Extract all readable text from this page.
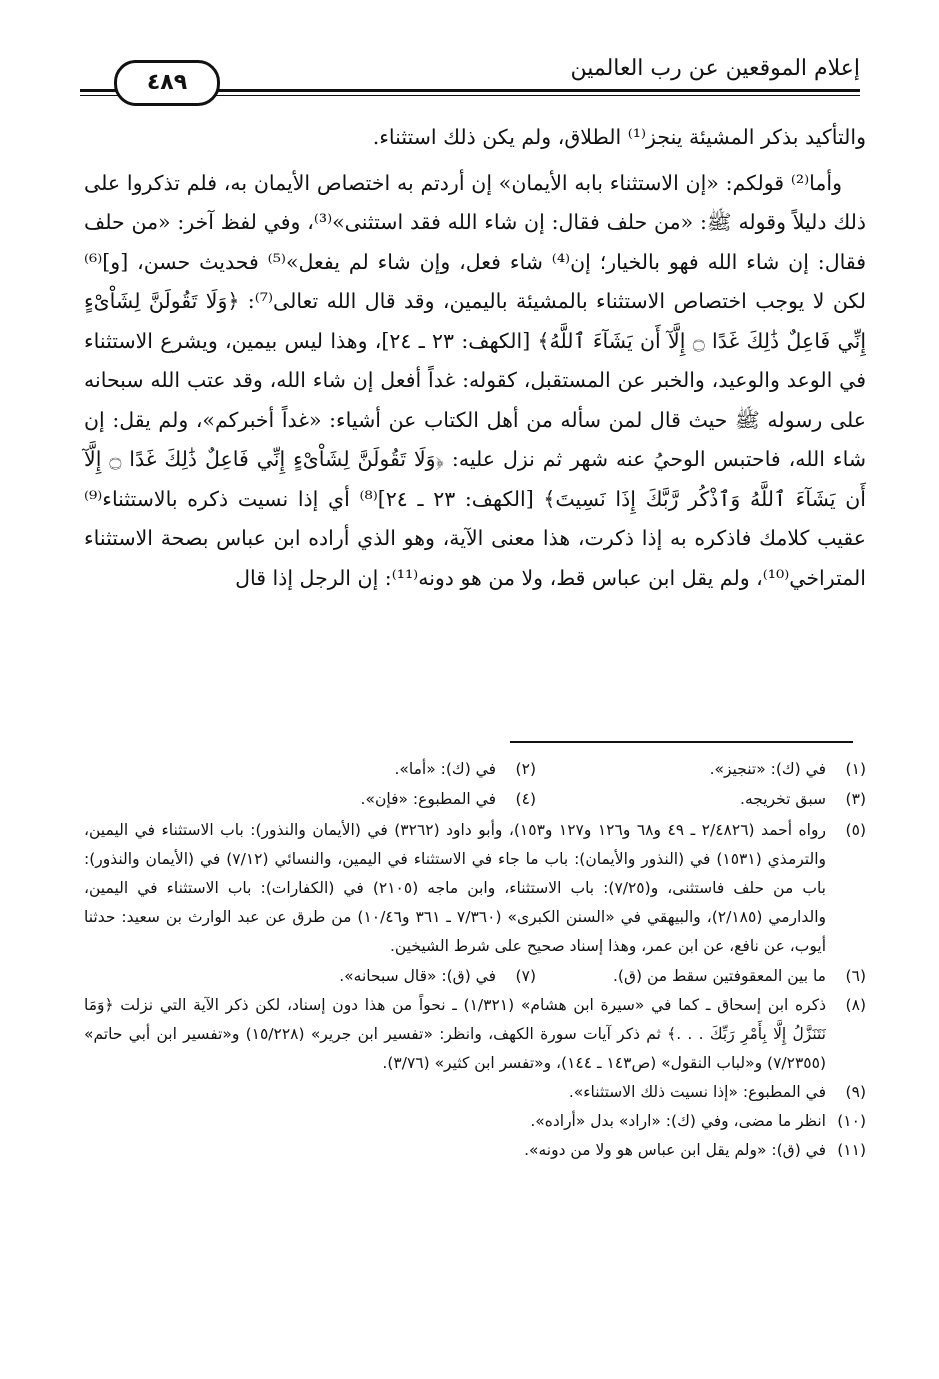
إعلام الموقعين عن رب العالمين
٤٨٩

والتأكيد بذكر المشيئة ينجز⁽¹⁾ الطلاق، ولم يكن ذلك استثناء.

وأما⁽²⁾ قولكم: «إن الاستثناء بابه الأيمان» إن أردتم به اختصاص الأيمان به، فلم تذكروا على ذلك دليلاً وقوله ﷺ: «من حلف فقال: إن شاء الله فقد استثنى»⁽³⁾، وفي لفظ آخر: «من حلف فقال: إن شاء الله فهو بالخيار؛ إن⁽⁴⁾ شاء فعل، وإن شاء لم يفعل»⁽⁵⁾ فحديث حسن، [و]⁽⁶⁾ لكن لا يوجب اختصاص الاستثناء بالمشيئة باليمين، وقد قال الله تعالى⁽⁷⁾: ﴿وَلَا تَقُولَنَّ لِشَاْىْءٍ إِنِّي فَاعِلٌ ذَٰلِكَ غَدًا ۝ إِلَّآ أَن يَشَآءَ ٱللَّهُ﴾ [الكهف: ٢٣ ـ ٢٤]، وهذا ليس بيمين، ويشرع الاستثناء في الوعد والوعيد، والخبر عن المستقبل، كقوله: غداً أفعل إن شاء الله، وقد عتب الله سبحانه على رسوله ﷺ حيث قال لمن سأله من أهل الكتاب عن أشياء: «غداً أخبركم»، ولم يقل: إن شاء الله، فاحتبس الوحيُ عنه شهر ثم نزل عليه: ﴿وَلَا تَقُولَنَّ لِشَاْىْءٍ إِنِّي فَاعِلٌ ذَٰلِكَ غَدًا ۝ إِلَّآ أَن يَشَآءَ ٱللَّهُ وَٱذْكُر رَّبَّكَ إِذَا نَسِيتَ﴾ [الكهف: ٢٣ ـ ٢٤]⁽⁸⁾ أي إذا نسيت ذكره بالاستثناء⁽⁹⁾ عقيب كلامك فاذكره به إذا ذكرت، هذا معنى الآية، وهو الذي أراده ابن عباس بصحة الاستثناء المتراخي⁽¹⁰⁾، ولم يقل ابن عباس قط، ولا من هو دونه⁽¹¹⁾: إن الرجل إذا قال

(١)
في (ك): «تنجيز».
(٢)
في (ك): «أما».
(٣)
سبق تخريجه.
(٤)
في المطبوع: «فإن».
(٥)
رواه أحمد (٢/٤٨٢٦ ـ ٤٩ و٦٨ و١٢٦ و١٢٧ و١٥٣)، وأبو داود (٣٢٦٢) في (الأيمان والنذور): باب الاستثناء في اليمين، والترمذي (١٥٣١) في (النذور والأيمان): باب ما جاء في الاستثناء في اليمين، والنسائي (٧/١٢) في (الأيمان والنذور): باب من حلف فاستثنى، و(٧/٢٥): باب الاستثناء، وابن ماجه (٢١٠٥) في (الكفارات): باب الاستثناء في اليمين، والدارمي (٢/١٨٥)، والبيهقي في «السنن الكبرى» (٧/٣٦٠ ـ ٣٦١ و١٠/٤٦) من طرق عن عبد الوارث بن سعيد: حدثنا أيوب، عن نافع، عن ابن عمر، وهذا إسناد صحيح على شرط الشيخين.
(٦)
ما بين المعقوفتين سقط من (ق).
(٧)
في (ق): «قال سبحانه».
(٨)
ذكره ابن إسحاق ـ كما في «سيرة ابن هشام» (١/٣٢١) ـ نحواً من هذا دون إسناد، لكن ذكر الآية التي نزلت ﴿وَمَا نَتَنَزَّلُ إِلَّا بِأَمْرِ رَبِّكَ . . .﴾ ثم ذكر آيات سورة الكهف، وانظر: «تفسير ابن جرير» (١٥/٢٢٨) و«تفسير ابن أبي حاتم» (٧/٢٣٥٥) و«لباب النقول» (ص١٤٣ ـ ١٤٤)، و«تفسر ابن كثير» (٣/٧٦).
(٩)
في المطبوع: «إذا نسيت ذلك الاستثناء».
(١٠)
انظر ما مضى، وفي (ك): «اراد» بدل «أراده».
(١١)
في (ق): «ولم يقل ابن عباس هو ولا من دونه».
